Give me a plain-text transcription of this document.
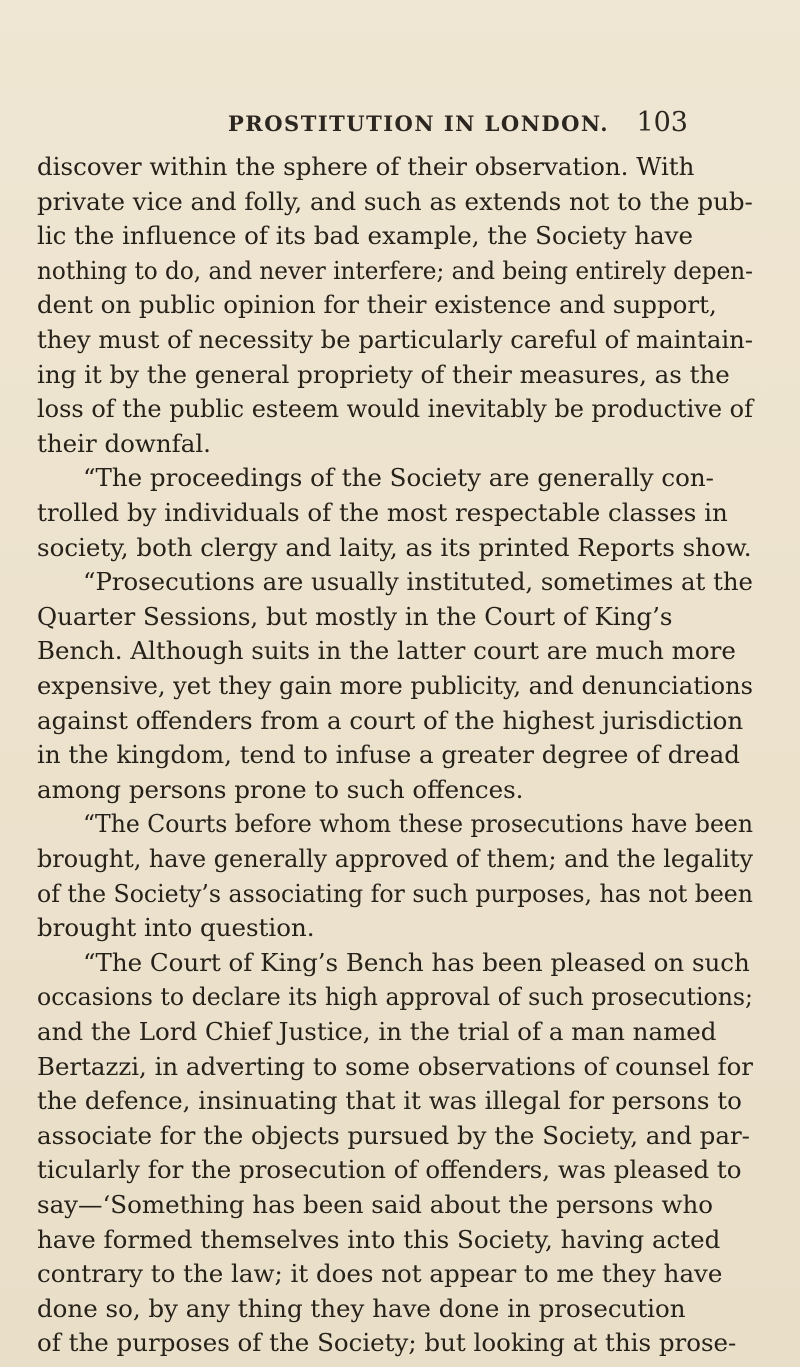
PROSTITUTION IN LONDON. 103
discover within the sphere of their observation. With
private vice and folly, and such as extends not to the pub-
lic the influence of its bad example, the Society have
nothing to do, and never interfere; and being entirely depen-
dent on public opinion for their existence and support,
they must of necessity be particularly careful of maintain-
ing it by the general propriety of their measures, as the
loss of the public esteem would inevitably be productive of
their downfal.
“The proceedings of the Society are generally con-
trolled by individuals of the most respectable classes in
society, both clergy and laity, as its printed Reports show.
“Prosecutions are usually instituted, sometimes at the
Quarter Sessions, but mostly in the Court of King’s
Bench. Although suits in the latter court are much more
expensive, yet they gain more publicity, and denunciations
against offenders from a court of the highest jurisdiction
in the kingdom, tend to infuse a greater degree of dread
among persons prone to such offences.
“The Courts before whom these prosecutions have been
brought, have generally approved of them; and the legality
of the Society’s associating for such purposes, has not been
brought into question.
“The Court of King’s Bench has been pleased on such
occasions to declare its high approval of such prosecutions;
and the Lord Chief Justice, in the trial of a man named
Bertazzi, in adverting to some observations of counsel for
the defence, insinuating that it was illegal for persons to
associate for the objects pursued by the Society, and par-
ticularly for the prosecution of offenders, was pleased to
say—‘Something has been said about the persons who
have formed themselves into this Society, having acted
contrary to the law; it does not appear to me they have
done so, by any thing they have done in prosecution
of the purposes of the Society; but looking at this prose-
